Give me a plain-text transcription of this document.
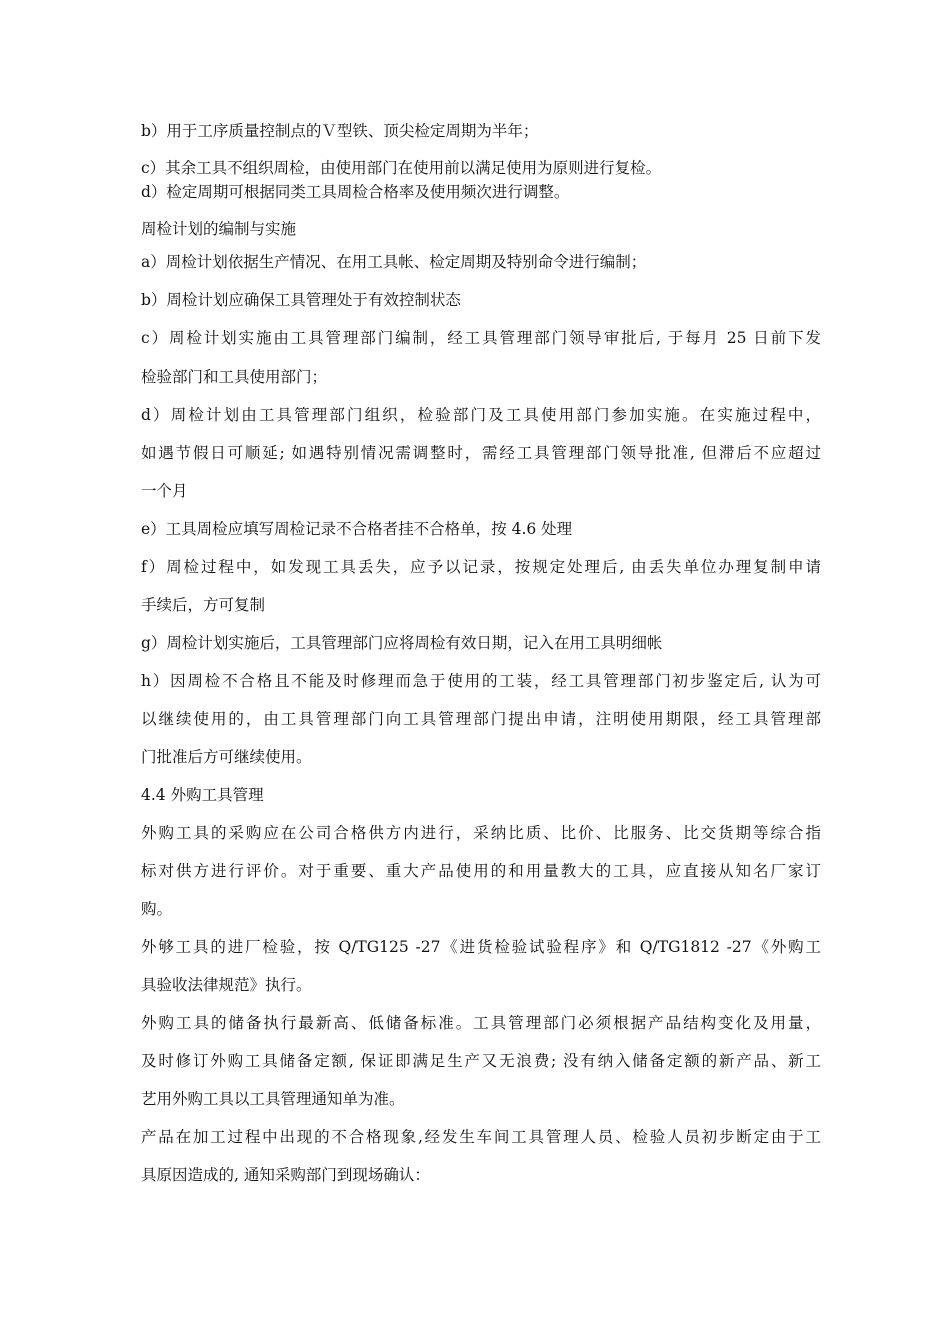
b）用于工序质量控制点的Ｖ型铁、顶尖检定周期为半年；
c）其余工具不组织周检，由使用部门在使用前以满足使用为原则进行复检。
d）检定周期可根据同类工具周检合格率及使用频次进行调整。
周检计划的编制与实施
a）周检计划依据生产情况、在用工具帐、检定周期及特别命令进行编制；
b）周检计划应确保工具管理处于有效控制状态
c）周检计划实施由工具管理部门编制，经工具管理部门领导审批后, 于每月 25 日前下发
检验部门和工具使用部门；
d）周检计划由工具管理部门组织，检验部门及工具使用部门参加实施。在实施过程中，
如遇节假日可顺延; 如遇特别情况需调整时，需经工具管理部门领导批准, 但滞后不应超过
一个月
e）工具周检应填写周检记录不合格者挂不合格单，按 4.6 处理
f）周检过程中，如发现工具丢失，应予以记录，按规定处理后, 由丢失单位办理复制申请
手续后，方可复制
g）周检计划实施后，工具管理部门应将周检有效日期，记入在用工具明细帐
h）因周检不合格且不能及时修理而急于使用的工装，经工具管理部门初步鉴定后, 认为可
以继续使用的，由工具管理部门向工具管理部门提出申请，注明使用期限，经工具管理部
门批准后方可继续使用。
4.4 外购工具管理
外购工具的采购应在公司合格供方内进行，采纳比质、比价、比服务、比交货期等综合指
标对供方进行评价。对于重要、重大产品使用的和用量教大的工具，应直接从知名厂家订
购。
外够工具的进厂检验，按 Q/TG125 -27《进货检验试验程序》和 Q/TG1812 -27《外购工
具验收法律规范》执行。
外购工具的储备执行最新高、低储备标准。工具管理部门必须根据产品结构变化及用量，
及时修订外购工具储备定额, 保证即满足生产又无浪费; 没有纳入储备定额的新产品、新工
艺用外购工具以工具管理通知单为准。
产品在加工过程中出现的不合格现象,经发生车间工具管理人员、检验人员初步断定由于工
具原因造成的, 通知采购部门到现场确认：
